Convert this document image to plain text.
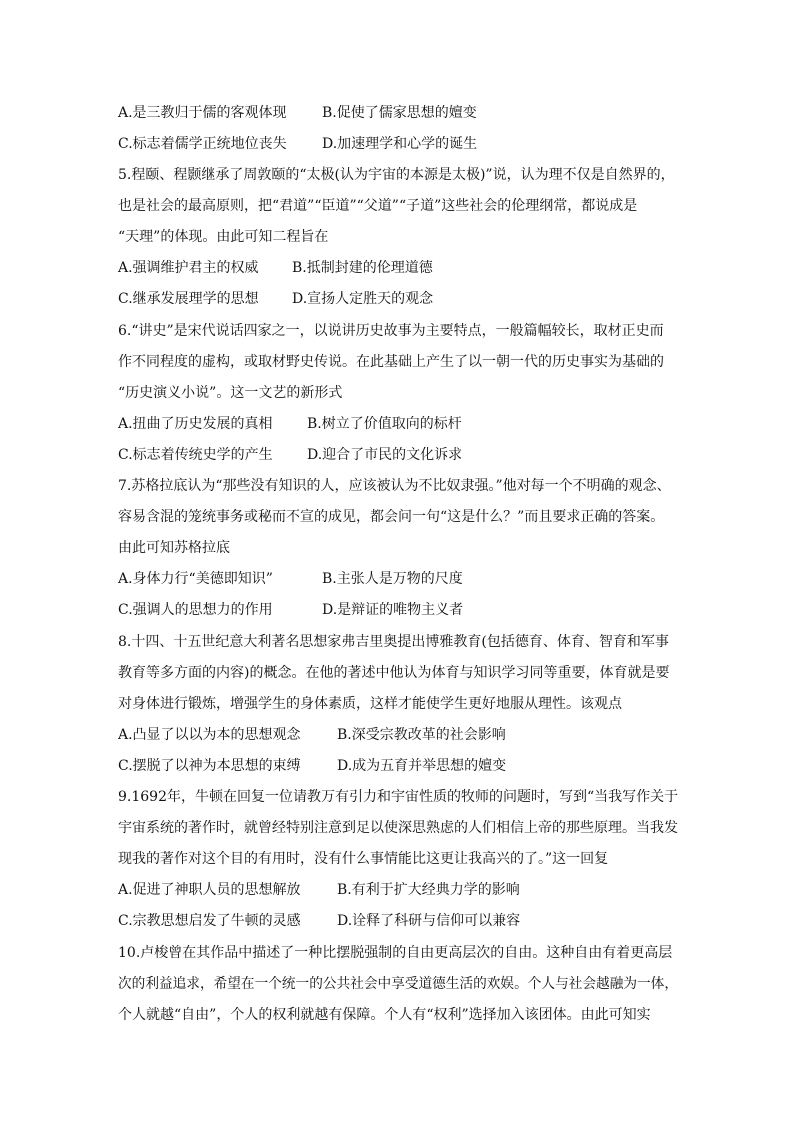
A.是三教归于儒的客观体现	B.促使了儒家思想的嬗变
C.标志着儒学正统地位丧失	D.加速理学和心学的诞生
5.程颐、程颢继承了周敦颐的“太极(认为宇宙的本源是太极)”说，认为理不仅是自然界的，
也是社会的最高原则，把“君道”“臣道”“父道”“子道”这些社会的伦理纲常，都说成是
“天理”的体现。由此可知二程旨在
A.强调维护君主的权威 B.抵制封建的伦理道德
C.继承发展理学的思想 D.宣扬人定胜天的观念
6.“讲史”是宋代说话四家之一，以说讲历史故事为主要特点，一般篇幅较长，取材正史而
作不同程度的虚构，或取材野史传说。在此基础上产生了以一朝一代的历史事实为基础的
“历史演义小说”。这一文艺的新形式
A.扭曲了历史发展的真相 B.树立了价值取向的标杆
C.标志着传统史学的产生 D.迎合了市民的文化诉求
7.苏格拉底认为“那些没有知识的人，应该被认为不比奴隶强。”他对每一个不明确的观念、
容易含混的笼统事务或秘而不宣的成见，都会问一句“这是什么？”而且要求正确的答案。
由此可知苏格拉底
A.身体力行“美德即知识”	B.主张人是万物的尺度
C.强调人的思想力的作用	D.是辩证的唯物主义者
8.十四、十五世纪意大利著名思想家弗吉里奥提出博雅教育(包括德育、体育、智育和军事
教育等多方面的内容)的概念。在他的著述中他认为体育与知识学习同等重要，体育就是要
对身体进行锻炼，增强学生的身体素质，这样才能使学生更好地服从理性。该观点
A.凸显了以以为本的思想观念	B.深受宗教改革的社会影响
C.摆脱了以神为本思想的束缚	D.成为五育并举思想的嬗变
9.1692年，牛顿在回复一位请教万有引力和宇宙性质的牧师的问题时，写到“当我写作关于
宇宙系统的著作时，就曾经特别注意到足以使深思熟虑的人们相信上帝的那些原理。当我发
现我的著作对这个目的有用时，没有什么事情能比这更让我高兴的了。”这一回复
A.促进了神职人员的思想解放	B.有利于扩大经典力学的影响
C.宗教思想启发了牛顿的灵感	D.诠释了科研与信仰可以兼容
10.卢梭曾在其作品中描述了一种比摆脱强制的自由更高层次的自由。这种自由有着更高层
次的利益追求，希望在一个统一的公共社会中享受道德生活的欢娱。个人与社会越融为一体，
个人就越“自由”，个人的权利就越有保障。个人有“权利”选择加入该团体。由此可知实
